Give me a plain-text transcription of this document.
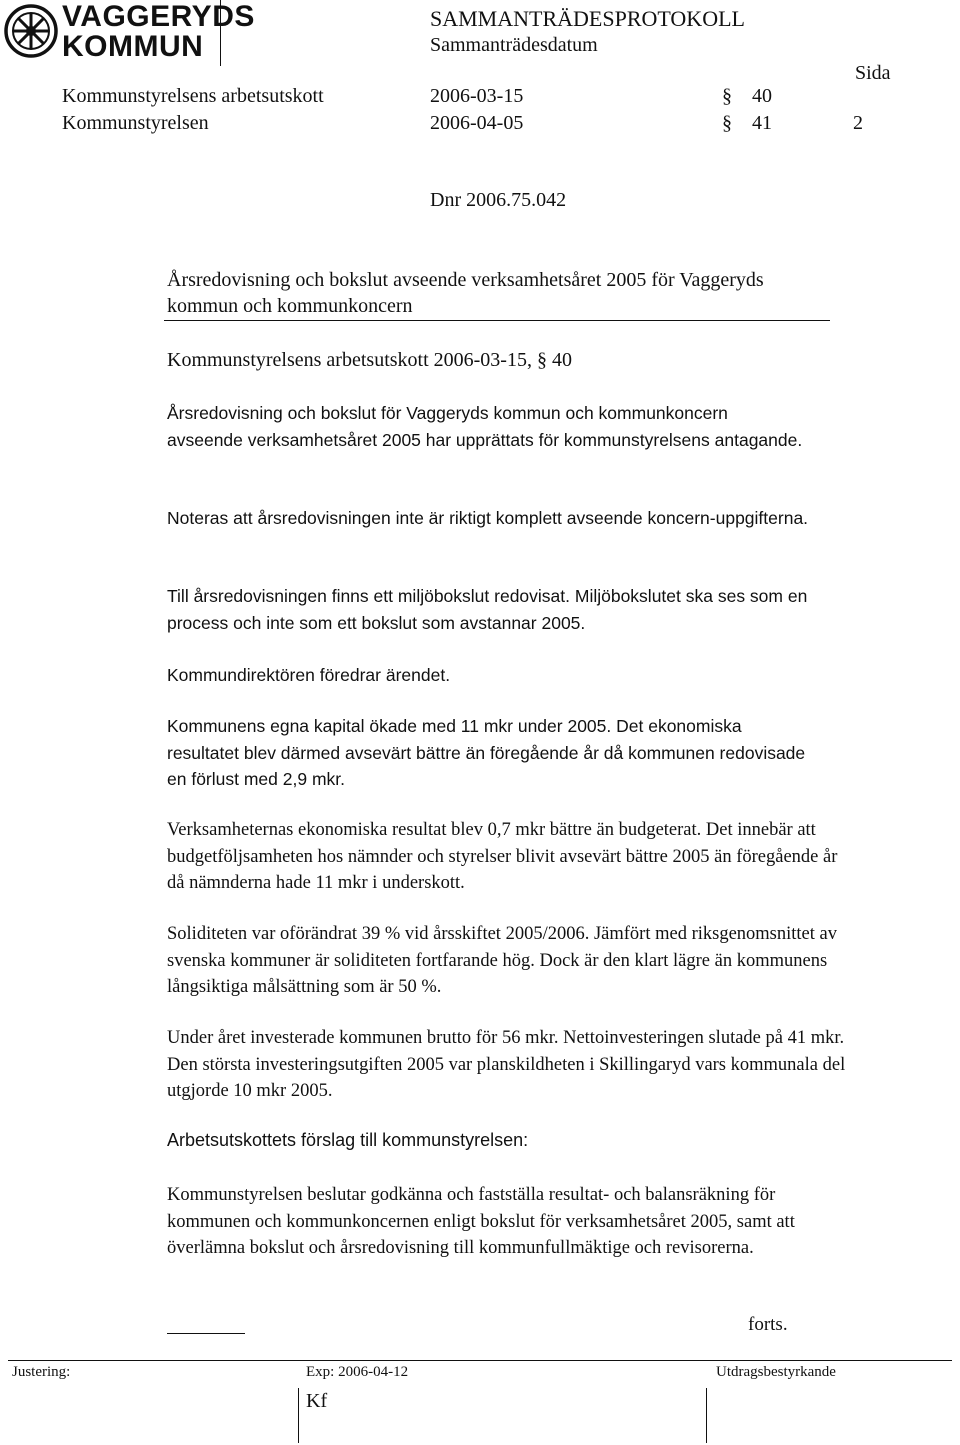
VAGGERYDS
KOMMUN
SAMMANTRÄDESPROTOKOLL
Sammanträdesdatum
Sida
Kommunstyrelsens arbetsutskott	2006-03-15	§ 40
Kommunstyrelsen	2006-04-05	§ 41	2
Dnr 2006.75.042
Årsredovisning och bokslut avseende verksamhetsåret 2005 för Vaggeryds
kommun och kommunkoncern
Kommunstyrelsens arbetsutskott 2006-03-15, § 40
Årsredovisning och bokslut för Vaggeryds kommun och kommunkoncern avseende verksamhetsåret 2005 har upprättats för kommunstyrelsens antagande.
Noteras att årsredovisningen inte är riktigt komplett avseende koncern-uppgifterna.
Till årsredovisningen finns ett miljöbokslut redovisat. Miljöbokslutet ska ses som en process och inte som ett bokslut som avstannar 2005.
Kommundirektören föredrar ärendet.
Kommunens egna kapital ökade med 11 mkr under 2005. Det ekonomiska resultatet blev därmed avsevärt bättre än föregående år då kommunen redovisade en förlust med 2,9 mkr.
Verksamheternas ekonomiska resultat blev 0,7 mkr bättre än budgeterat. Det innebär att budgetföljsamheten hos nämnder och styrelser blivit avsevärt bättre 2005 än föregående år då nämnderna hade 11 mkr i underskott.
Soliditeten var oförändrat 39 % vid årsskiftet 2005/2006. Jämfört med riksgenomsnittet av svenska kommuner är soliditeten fortfarande hög. Dock är den klart lägre än kommunens långsiktiga målsättning som är 50 %.
Under året investerade kommunen brutto för 56 mkr. Nettoinvesteringen slutade på 41 mkr. Den största investeringsutgiften 2005 var planskildheten i Skillingaryd vars kommunala del utgjorde 10 mkr 2005.
Arbetsutskottets förslag till kommunstyrelsen:
Kommunstyrelsen beslutar godkänna och fastställa resultat- och balansräkning för kommunen och kommunkoncernen enligt bokslut för verksamhetsåret 2005, samt att överlämna bokslut och årsredovisning till kommunfullmäktige och revisorerna.
forts.
Justering:	Exp: 2006-04-12	Utdragsbestyrkande
Kf
